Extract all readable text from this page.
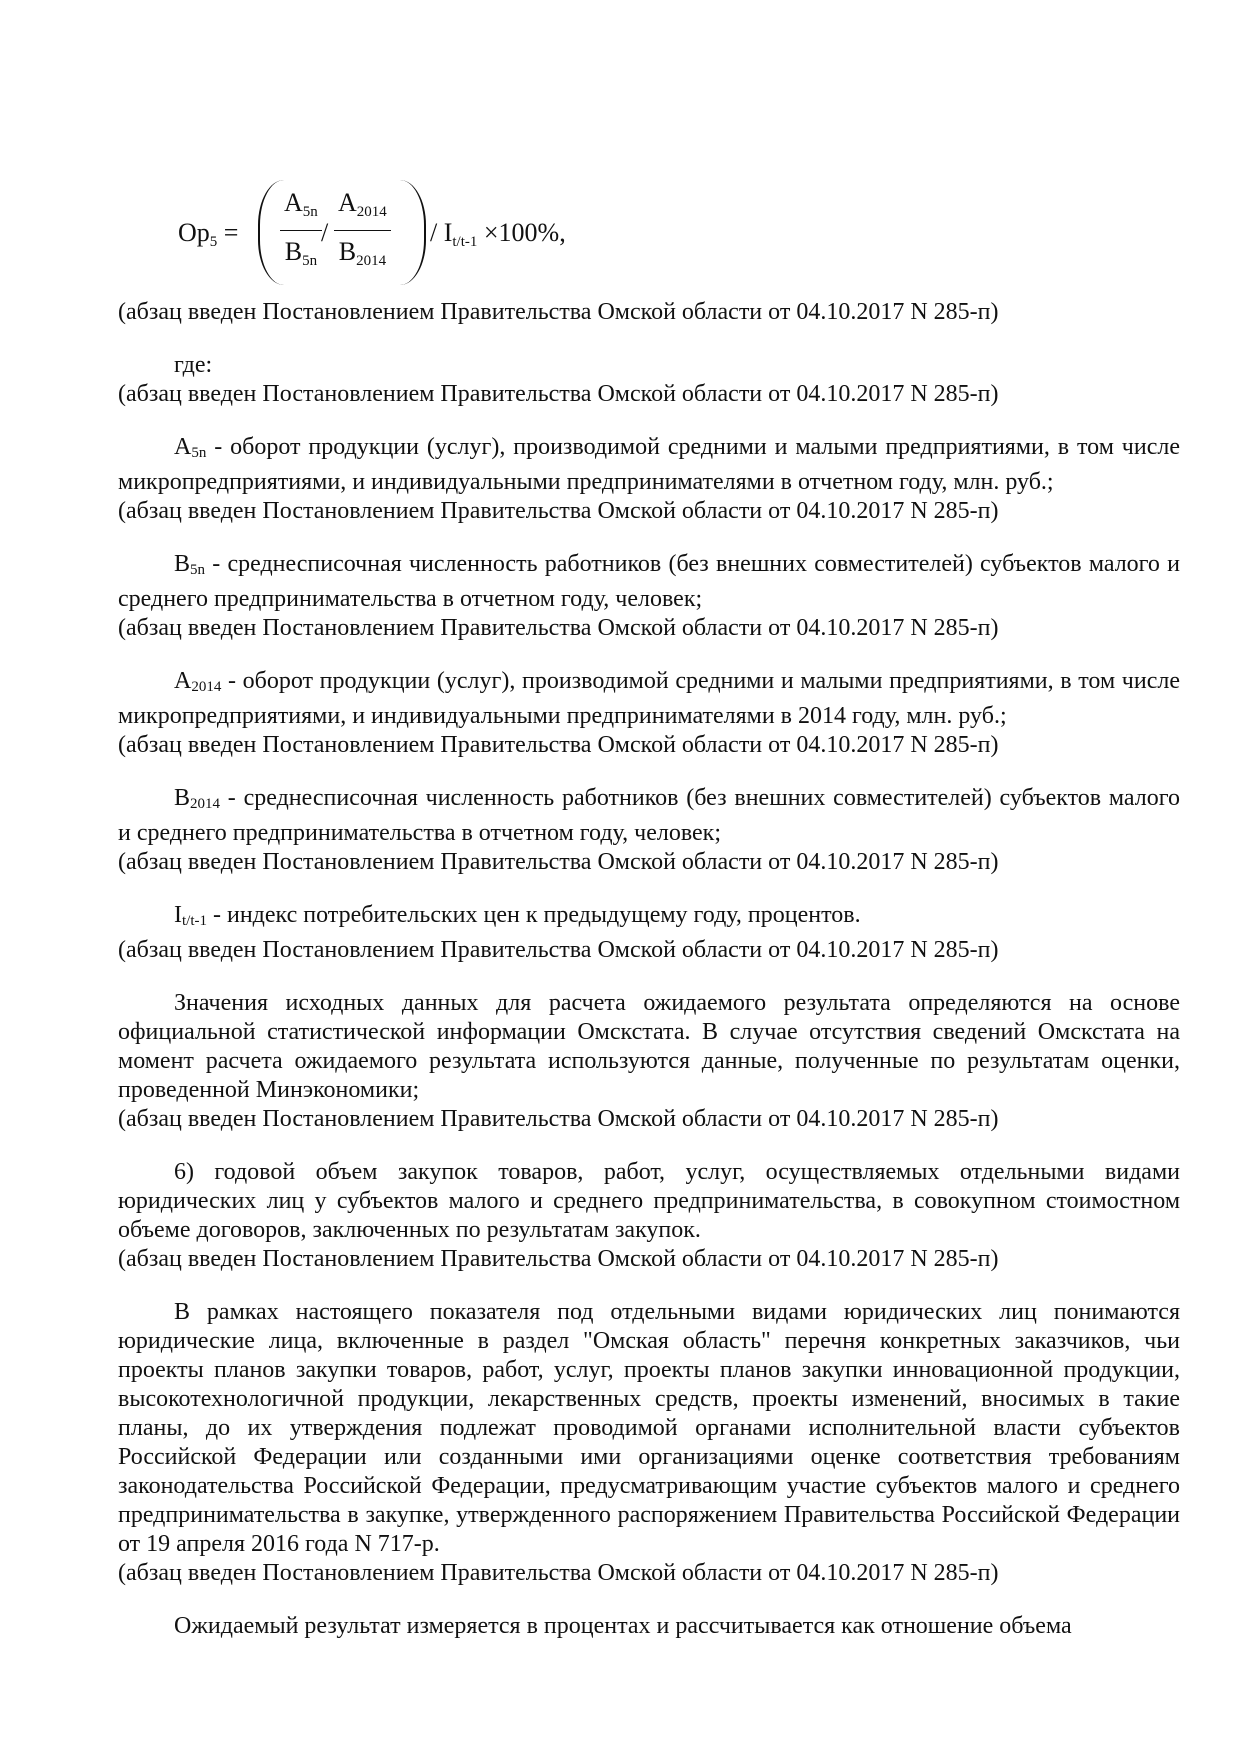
$Op_5 = \frac{A_{5n}}{B_{5n}} / \frac{A_{2014}}{B_{2014}} / I_{t/t-1} \times 100\%$,

(абзац введен Постановлением Правительства Омской области от 04.10.2017 N 285-п)

где:

(абзац введен Постановлением Правительства Омской области от 04.10.2017 N 285-п)

$A_{5n}$ - оборот продукции (услуг), производимой средними и малыми предприятиями, в том числе микропредприятиями, и индивидуальными предпринимателями в отчетном году, млн. руб.;

(абзац введен Постановлением Правительства Омской области от 04.10.2017 N 285-п)

$B_{5n}$ - среднесписочная численность работников (без внешних совместителей) субъектов малого и среднего предпринимательства в отчетном году, человек;

(абзац введен Постановлением Правительства Омской области от 04.10.2017 N 285-п)

$A_{2014}$ - оборот продукции (услуг), производимой средними и малыми предприятиями, в том числе микропредприятиями, и индивидуальными предпринимателями в 2014 году, млн. руб.;

(абзац введен Постановлением Правительства Омской области от 04.10.2017 N 285-п)

$B_{2014}$ - среднесписочная численность работников (без внешних совместителей) субъектов малого и среднего предпринимательства в отчетном году, человек;

(абзац введен Постановлением Правительства Омской области от 04.10.2017 N 285-п)

$I_{t/t-1}$ - индекс потребительских цен к предыдущему году, процентов.

(абзац введен Постановлением Правительства Омской области от 04.10.2017 N 285-п)

Значения исходных данных для расчета ожидаемого результата определяются на основе официальной статистической информации Омскстата. В случае отсутствия сведений Омскстата на момент расчета ожидаемого результата используются данные, полученные по результатам оценки, проведенной Минэкономики;

(абзац введен Постановлением Правительства Омской области от 04.10.2017 N 285-п)

6) годовой объем закупок товаров, работ, услуг, осуществляемых отдельными видами юридических лиц у субъектов малого и среднего предпринимательства, в совокупном стоимостном объеме договоров, заключенных по результатам закупок.

(абзац введен Постановлением Правительства Омской области от 04.10.2017 N 285-п)

В рамках настоящего показателя под отдельными видами юридических лиц понимаются юридические лица, включенные в раздел "Омская область" перечня конкретных заказчиков, чьи проекты планов закупки товаров, работ, услуг, проекты планов закупки инновационной продукции, высокотехнологичной продукции, лекарственных средств, проекты изменений, вносимых в такие планы, до их утверждения подлежат проводимой органами исполнительной власти субъектов Российской Федерации или созданными ими организациями оценке соответствия требованиям законодательства Российской Федерации, предусматривающим участие субъектов малого и среднего предпринимательства в закупке, утвержденного распоряжением Правительства Российской Федерации от 19 апреля 2016 года N 717-р.

(абзац введен Постановлением Правительства Омской области от 04.10.2017 N 285-п)

Ожидаемый результат измеряется в процентах и рассчитывается как отношение объема
